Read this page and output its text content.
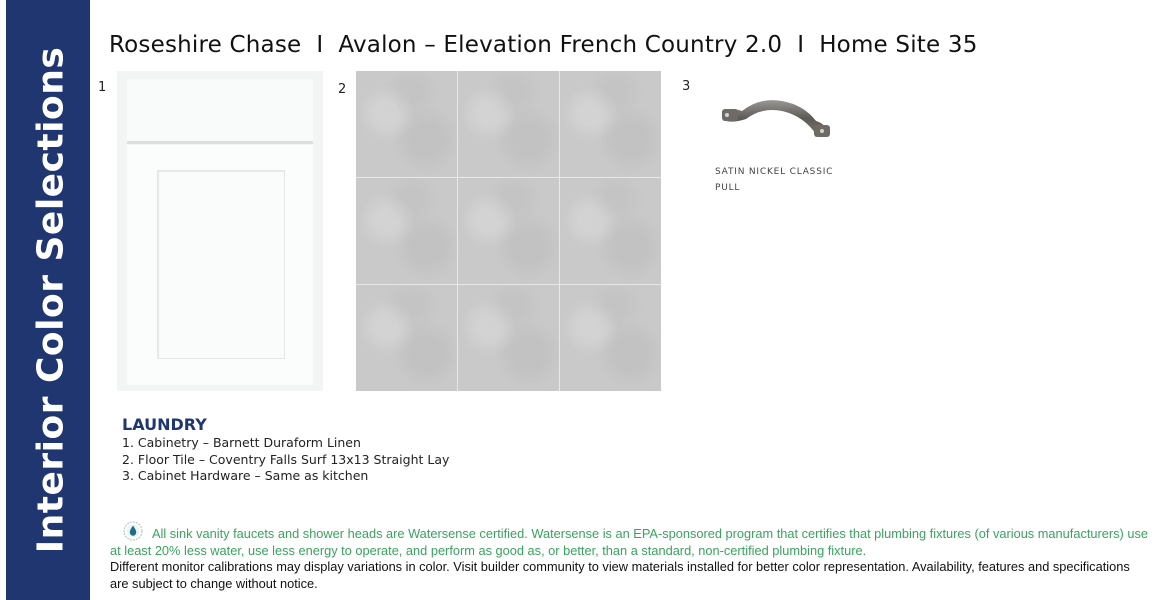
Interior Color Selections
Roseshire Chase I Avalon – Elevation French Country 2.0 I Home Site 35
1	2	3
SATIN NICKEL CLASSIC
PULL
LAUNDRY
1. Cabinetry – Barnett Duraform Linen
2. Floor Tile – Coventry Falls Surf 13x13 Straight Lay
3. Cabinet Hardware – Same as kitchen
All sink vanity faucets and shower heads are Watersense certified. Watersense is an EPA-sponsored program that certifies that plumbing fixtures (of various manufacturers) use at least 20% less water, use less energy to operate, and perform as good as, or better, than a standard, non-certified plumbing fixture.
Different monitor calibrations may display variations in color. Visit builder community to view materials installed for better color representation. Availability, features and specifications are subject to change without notice.
